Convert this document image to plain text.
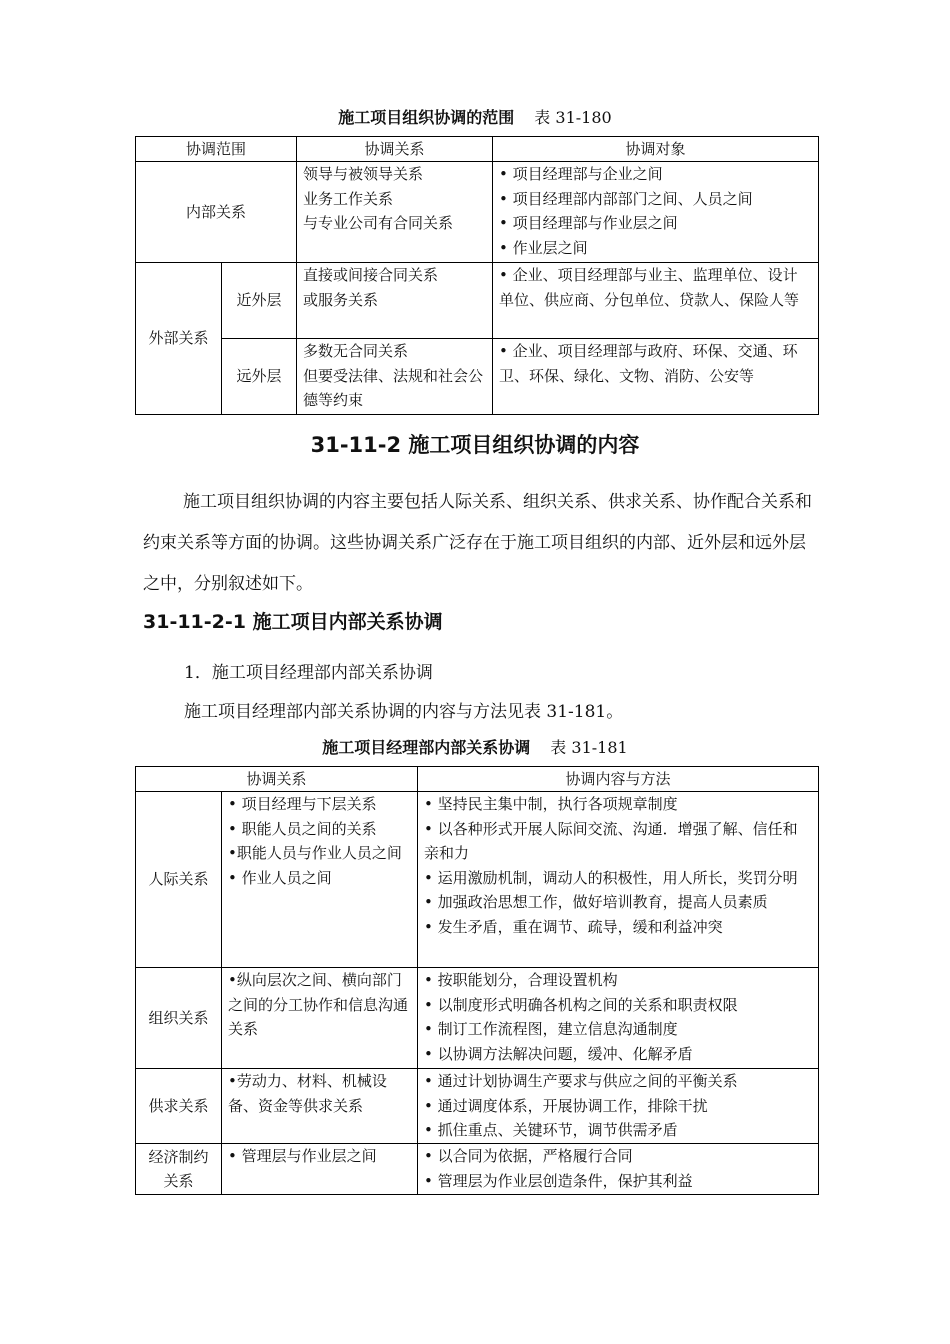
施工项目组织协调的范围 表 31-180
协调范围		协调关系	协调对象
内部关系		领导与被领导关系
业务工作关系
与专业公司有合同关系	• 项目经理部与企业之间
• 项目经理部内部部门之间、人员之间
• 项目经理部与作业层之间
• 作业层之间

外部关系	近外层	直接或间接合同关系
或服务关系	• 企业、项目经理部与业主、监理单位、设计单位、供应商、分包单位、贷款人、保险人等
	远外层	多数无合同关系
但要受法律、法规和社会公德等约束	• 企业、项目经理部与政府、环保、交通、环卫、环保、绿化、文物、消防、公安等
31-11-2 施工项目组织协调的内容

施工项目组织协调的内容主要包括人际关系、组织关系、供求关系、协作配合关系和约束关系等方面的协调。这些协调关系广泛存在于施工项目组织的内部、近外层和远外层之中，分别叙述如下。

31-11-2-1 施工项目内部关系协调

1．施工项目经理部内部关系协调

施工项目经理部内部关系协调的内容与方法见表 31-181。

施工项目经理部内部关系协调 表 31-181
协调关系		协调内容与方法
人际关系	• 项目经理与下层关系
• 职能人员之间的关系
•职能人员与作业人员之间
• 作业人员之间	• 坚持民主集中制，执行各项规章制度
• 以各种形式开展人际间交流、沟通．增强了解、信任和亲和力
• 运用激励机制，调动人的积极性，用人所长，奖罚分明
• 加强政治思想工作，做好培训教育，提高人员素质
• 发生矛盾，重在调节、疏导，缓和利益冲突

组织关系	•纵向层次之间、横向部门之间的分工协作和信息沟通关系	• 按职能划分，合理设置机构
• 以制度形式明确各机构之间的关系和职责权限
• 制订工作流程图，建立信息沟通制度
• 以协调方法解决问题，缓冲、化解矛盾

供求关系	•劳动力、材料、机械设备、资金等供求关系	• 通过计划协调生产要求与供应之间的平衡关系
• 通过调度体系，开展协调工作，排除干扰
• 抓住重点、关键环节，调节供需矛盾

经济制约关系	• 管理层与作业层之间	• 以合同为依据，严格履行合同
• 管理层为作业层创造条件，保护其利益
